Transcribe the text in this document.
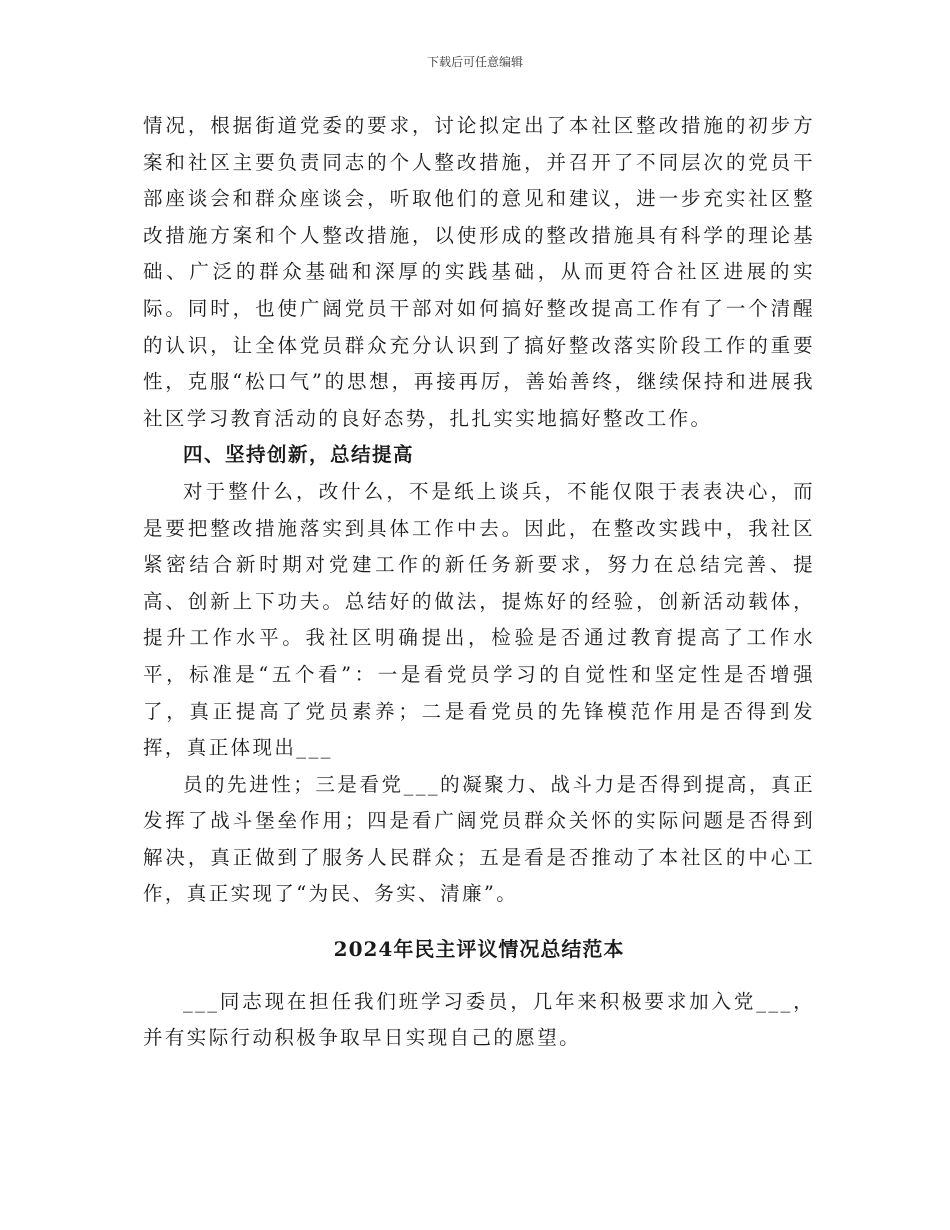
下载后可任意编辑

情况，根据街道党委的要求，讨论拟定出了本社区整改措施的初步方案和社区主要负责同志的个人整改措施，并召开了不同层次的党员干部座谈会和群众座谈会，听取他们的意见和建议，进一步充实社区整改措施方案和个人整改措施，以使形成的整改措施具有科学的理论基础、广泛的群众基础和深厚的实践基础，从而更符合社区进展的实际。同时，也使广阔党员干部对如何搞好整改提高工作有了一个清醒的认识，让全体党员群众充分认识到了搞好整改落实阶段工作的重要性，克服“松口气”的思想，再接再厉，善始善终，继续保持和进展我社区学习教育活动的良好态势，扎扎实实地搞好整改工作。

四、坚持创新，总结提高

对于整什么，改什么，不是纸上谈兵，不能仅限于表表决心，而是要把整改措施落实到具体工作中去。因此，在整改实践中，我社区紧密结合新时期对党建工作的新任务新要求，努力在总结完善、提高、创新上下功夫。总结好的做法，提炼好的经验，创新活动载体，提升工作水平。我社区明确提出，检验是否通过教育提高了工作水平，标准是“五个看”：一是看党员学习的自觉性和坚定性是否增强了，真正提高了党员素养；二是看党员的先锋模范作用是否得到发挥，真正体现出___

员的先进性；三是看党___的凝聚力、战斗力是否得到提高，真正发挥了战斗堡垒作用；四是看广阔党员群众关怀的实际问题是否得到解决，真正做到了服务人民群众；五是看是否推动了本社区的中心工作，真正实现了“为民、务实、清廉”。

2024年民主评议情况总结范本

___同志现在担任我们班学习委员，几年来积极要求加入党___，并有实际行动积极争取早日实现自己的愿望。
